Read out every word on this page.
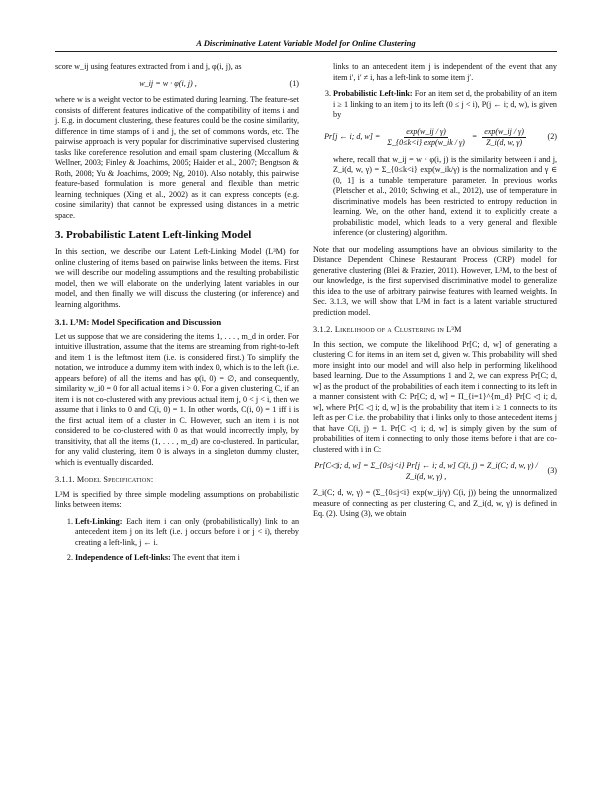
A Discriminative Latent Variable Model for Online Clustering

score w_ij using features extracted from i and j, φ(i, j), as

w_ij = w · φ(i, j) ,	(1)

where w is a weight vector to be estimated during learning. The feature-set consists of different features indicative of the compatibility of items i and j. E.g. in document clustering, these features could be the cosine similarity, difference in time stamps of i and j, the set of commons words, etc. The pairwise approach is very popular for discriminative supervised clustering tasks like coreference resolution and email spam clustering (Mccallum & Wellner, 2003; Finley & Joachims, 2005; Haider et al., 2007; Bengtson & Roth, 2008; Yu & Joachims, 2009; Ng, 2010). Also notably, this pairwise feature-based formulation is more general and flexible than metric learning techniques (Xing et al., 2002) as it can express concepts (e.g. cosine similarity) that cannot be expressed using distances in a metric space.

3. Probabilistic Latent Left-linking Model

In this section, we describe our Latent Left-Linking Model (L³M) for online clustering of items based on pairwise links between the items. First we will describe our modeling assumptions and the resulting probabilistic model, then we will elaborate on the underlying latent variables in our model, and then finally we will discuss the clustering (or inference) and learning algorithms.

3.1. L³M: Model Specification and Discussion

Let us suppose that we are considering the items 1, . . . , m_d in order. For intuitive illustration, assume that the items are streaming from right-to-left and item 1 is the leftmost item (i.e. is considered first.) To simplify the notation, we introduce a dummy item with index 0, which is to the left (i.e. appears before) of all the items and has φ(i, 0) = ∅, and consequently, similarity w_i0 = 0 for all actual items i > 0. For a given clustering C, if an item i is not co-clustered with any previous actual item j, 0 < j < i, then we assume that i links to 0 and C(i, 0) = 1. In other words, C(i, 0) = 1 iff i is the first actual item of a cluster in C. However, such an item i is not considered to be co-clustered with 0 as that would incorrectly imply, by transitivity, that all the items (1, . . . , m_d) are co-clustered. In particular, for any valid clustering, item 0 is always in a singleton dummy cluster, which is eventually discarded.

3.1.1. Model Specification:

L³M is specified by three simple modeling assumptions on probabilistic links between items:

1. Left-Linking: Each item i can only (probabilistically) link to an antecedent item j on its left (i.e. j occurs before i or j < i), thereby creating a left-link, j ← i.
2. Independence of Left-links: The event that item i

links to an antecedent item j is independent of the event that any item i′, i′ ≠ i, has a left-link to some item j′.

3. Probabilistic Left-link: For an item set d, the probability of an item i ≥ 1 linking to an item j to its left (0 ≤ j < i), P(j ← i; d, w), is given by
Pr[j ← i; d, $w] = \frac{\exp(w\_ij / \gamma)}{\Sigma\_\{0\le k<i\} \exp(w\_ik / \gamma)} = \frac{\exp(w\_ij / \gamma)}{Z\_i(d, w, \gamma)}$	(2)

where, recall that w_ij = w · φ(i, j) is the similarity between i and j, Z_i(d, w, γ) = Σ_{0≤k<i} exp(w_ik/γ) is the normalization and γ ∈ (0, 1] is a tunable temperature parameter. In previous works (Pletscher et al., 2010; Schwing et al., 2012), use of temperature in discriminative models has been restricted to entropy reduction in learning. We, on the other hand, extend it to explicitly create a probabilistic model, which leads to a very general and flexible inference (or clustering) algorithm.

Note that our modeling assumptions have an obvious similarity to the Distance Dependent Chinese Restaurant Process (CRP) model for generative clustering (Blei & Frazier, 2011). However, L³M, to the best of our knowledge, is the first supervised discriminative model to generalize this idea to the use of arbitrary pairwise features with learned weights. In Sec. 3.1.3, we will show that L³M in fact is a latent variable structured prediction model.

3.1.2. Likelihood of a Clustering in L³M

In this section, we compute the likelihood Pr[C; d, w] of generating a clustering C for items in an item set d, given w. This probability will shed more insight into our model and will also help in performing likelihood based learning. Due to the Assumptions 1 and 2, we can express Pr[C; d, w] as the product of the probabilities of each item i connecting to its left in a manner consistent with C: Pr[C; d, w] = Π_{i=1}^{m_d} Pr[C ◁ i; d, w], where Pr[C ◁ i; d, w] is the probability that item i ≥ 1 connects to its left as per C i.e. the probability that i links only to those antecedent items j that have C(i, j) = 1. Pr[C ◁ i; d, w] is simply given by the sum of probabilities of item i connecting to only those items before i that are co-clustered with i in C:

Pr[C◁i; d, w] = Σ_{0≤j<i} Pr[j ← i; d, w] C(i, j) = Z_i(C; d, w, γ) / Z_i(d, w, γ) ,
(3)

Z_i(C; d, w, γ) = (Σ_{0≤j<i} exp(w_ij/γ) C(i, j)) being the unnormalized measure of connecting as per clustering C, and Z_i(d, w, γ) is defined in Eq. (2). Using (3), we obtain
